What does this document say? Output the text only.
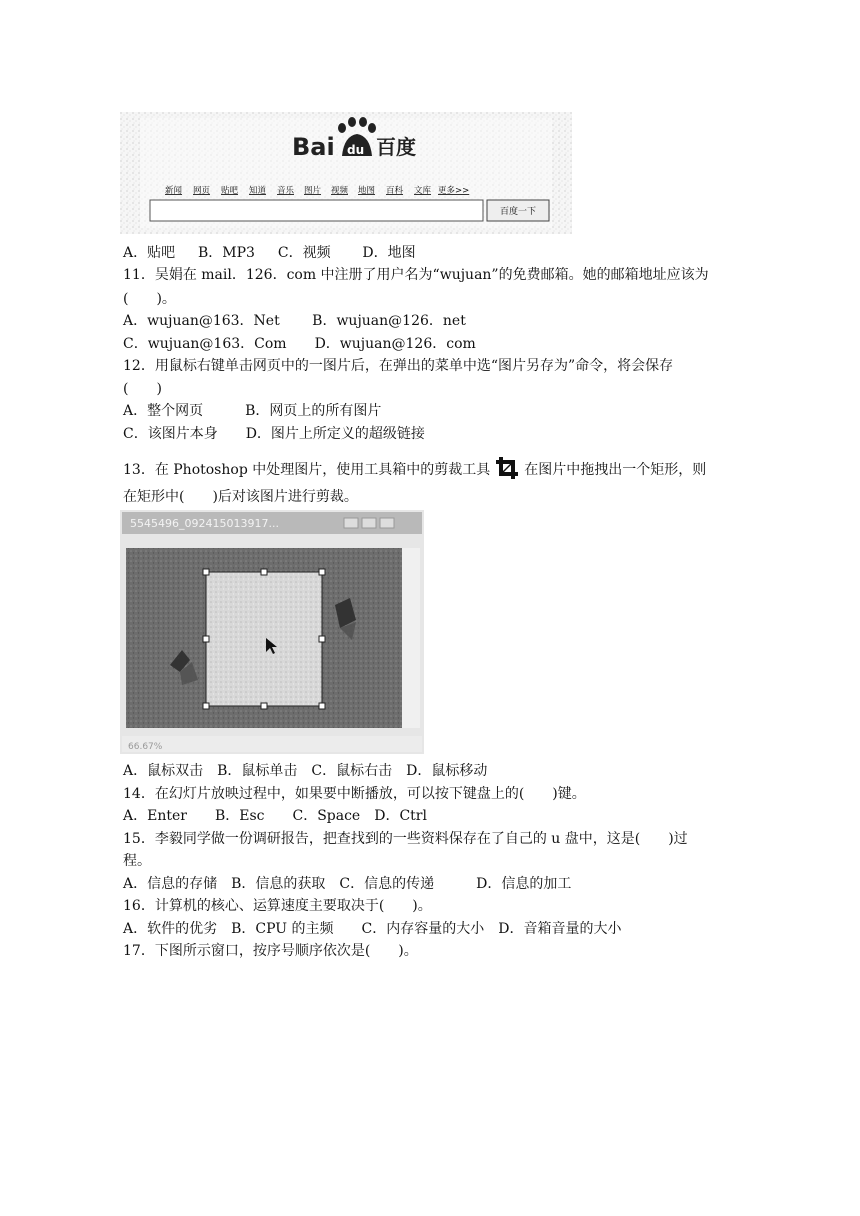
Bai du 百度
新闻 网页 贴吧 知道 音乐 图片 视频 地图 百科 文库 更多>>
百度一下
A．贴吧　  B．MP3　  C．视频　    D．地图
11．吴娟在 mail．126．com 中注册了用户名为“wujuan”的免费邮箱。她的邮箱地址应该为
(　　)。
A．wujuan@163．Net　　 B．wujuan@126．net
C．wujuan@163．Com　　D．wujuan@126．com
12．用鼠标右键单击网页中的一图片后，在弹出的菜单中选“图片另存为”命令，将会保存
(　　)
A．整个网页　　　B．网页上的所有图片
C．该图片本身　　D．图片上所定义的超级链接
13．在 Photoshop 中处理图片，使用工具箱中的剪裁工具 在图片中拖拽出一个矩形，则
在矩形中(　　)后对该图片进行剪裁。
5545496_092415013917...
66.67%
A．鼠标双击　B．鼠标单击　C．鼠标右击　D．鼠标移动
14．在幻灯片放映过程中，如果要中断播放，可以按下键盘上的(　　)键。
A．Enter　　B．Esc　　C．Space　D．Ctrl
15．李毅同学做一份调研报告，把查找到的一些资料保存在了自己的 u 盘中，这是(　　)过
程。
A．信息的存储　B．信息的获取　C．信息的传递　　　D．信息的加工
16．计算机的核心、运算速度主要取决于(　　)。
A．软件的优劣　B．CPU 的主频　　C．内存容量的大小　D．音箱音量的大小
17．下图所示窗口，按序号顺序依次是(　　)。
